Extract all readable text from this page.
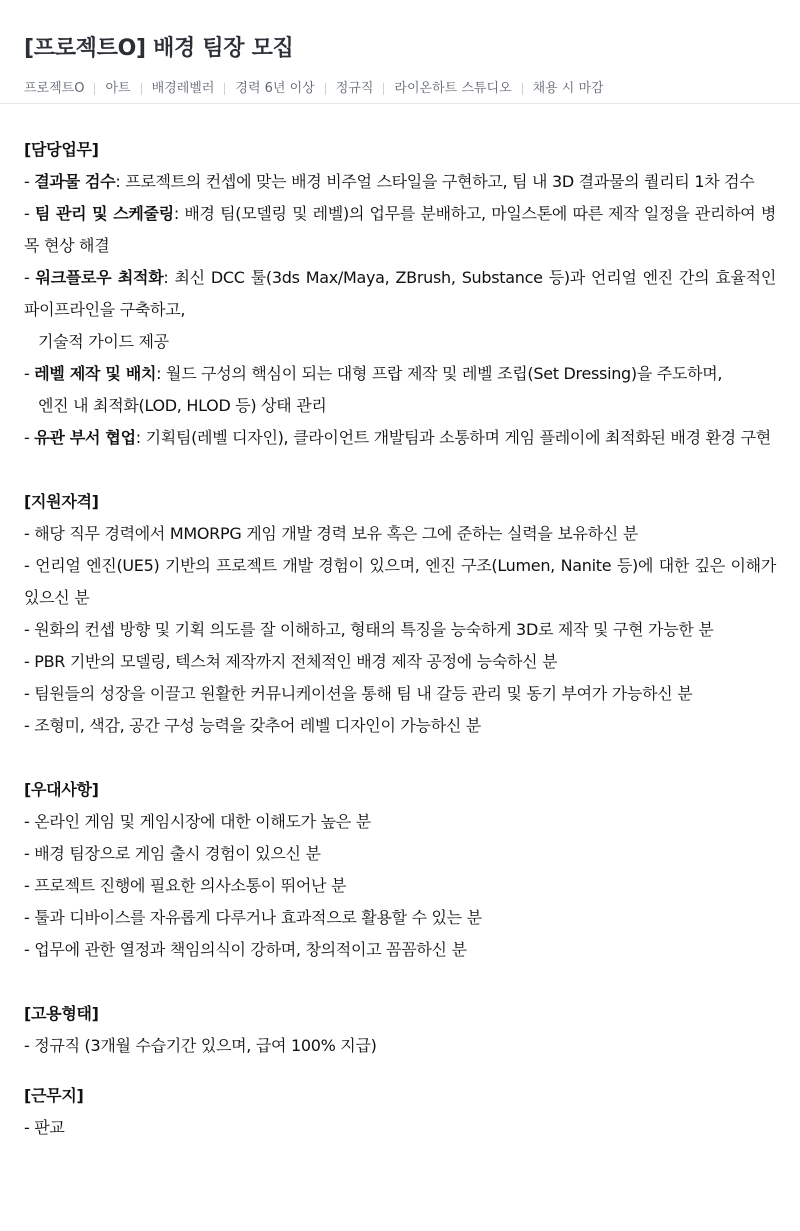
[프로젝트O] 배경 팀장 모집
프로젝트O 아트 배경레벨러 경력 6년 이상 정규직 라이온하트 스튜디오 채용 시 마감
[담당업무]
- 결과물 검수: 프로젝트의 컨셉에 맞는 배경 비주얼 스타일을 구현하고, 팀 내 3D 결과물의 퀄리티 1차 검수
- 팀 관리 및 스케줄링: 배경 팀(모델링 및 레벨)의 업무를 분배하고, 마일스톤에 따른 제작 일정을 관리하여 병목 현상 해결
- 워크플로우 최적화: 최신 DCC 툴(3ds Max/Maya, ZBrush, Substance 등)과 언리얼 엔진 간의 효율적인 파이프라인을 구축하고,
기술적 가이드 제공
- 레벨 제작 및 배치: 월드 구성의 핵심이 되는 대형 프랍 제작 및 레벨 조립(Set Dressing)을 주도하며,
엔진 내 최적화(LOD, HLOD 등) 상태 관리
- 유관 부서 협업: 기획팀(레벨 디자인), 클라이언트 개발팀과 소통하며 게임 플레이에 최적화된 배경 환경 구현
[지원자격]
- 해당 직무 경력에서 MMORPG 게임 개발 경력 보유 혹은 그에 준하는 실력을 보유하신 분
- 언리얼 엔진(UE5) 기반의 프로젝트 개발 경험이 있으며, 엔진 구조(Lumen, Nanite 등)에 대한 깊은 이해가 있으신 분
- 원화의 컨셉 방향 및 기획 의도를 잘 이해하고, 형태의 특징을 능숙하게 3D로 제작 및 구현 가능한 분
- PBR 기반의 모델링, 텍스쳐 제작까지 전체적인 배경 제작 공정에 능숙하신 분
- 팀원들의 성장을 이끌고 원활한 커뮤니케이션을 통해 팀 내 갈등 관리 및 동기 부여가 가능하신 분
- 조형미, 색감, 공간 구성 능력을 갖추어 레벨 디자인이 가능하신 분
[우대사항]
- 온라인 게임 및 게임시장에 대한 이해도가 높은 분
- 배경 팀장으로 게임 출시 경험이 있으신 분
- 프로젝트 진행에 필요한 의사소통이 뛰어난 분
- 툴과 디바이스를 자유롭게 다루거나 효과적으로 활용할 수 있는 분
- 업무에 관한 열정과 책임의식이 강하며, 창의적이고 꼼꼼하신 분
[고용형태]
- 정규직 (3개월 수습기간 있으며, 급여 100% 지급)
[근무지]
- 판교
